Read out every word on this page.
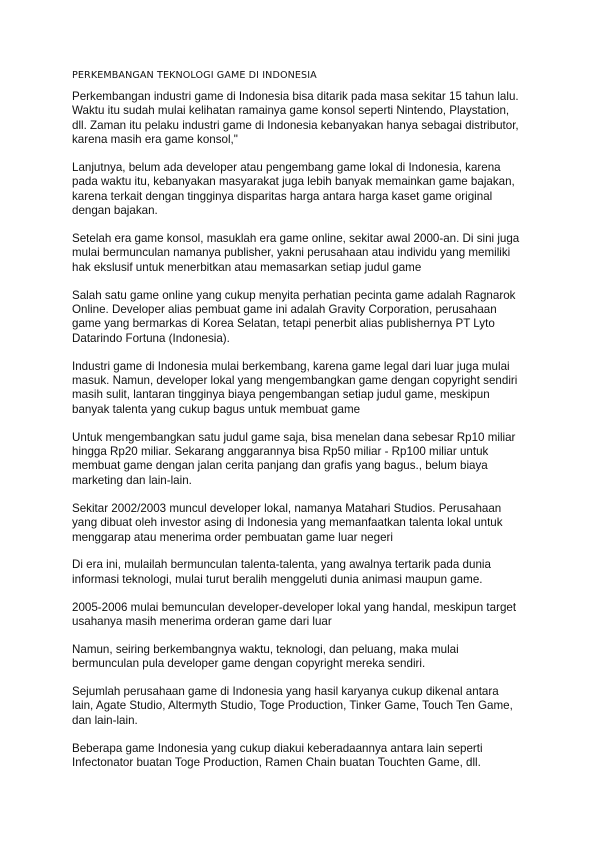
PERKEMBANGAN TEKNOLOGI GAME DI INDONESIA

Perkembangan industri game di Indonesia bisa ditarik pada masa sekitar 15 tahun lalu. Waktu itu sudah mulai kelihatan ramainya game konsol seperti Nintendo, Playstation, dll. Zaman itu pelaku industri game di Indonesia kebanyakan hanya sebagai distributor, karena masih era game konsol,"

Lanjutnya, belum ada developer atau pengembang game lokal di Indonesia, karena pada waktu itu, kebanyakan masyarakat juga lebih banyak memainkan game bajakan, karena terkait dengan tingginya disparitas harga antara harga kaset game original dengan bajakan.

Setelah era game konsol, masuklah era game online, sekitar awal 2000-an. Di sini juga mulai bermunculan namanya publisher, yakni perusahaan atau individu yang memiliki hak ekslusif untuk menerbitkan atau memasarkan setiap judul game

Salah satu game online yang cukup menyita perhatian pecinta game adalah Ragnarok Online. Developer alias pembuat game ini adalah Gravity Corporation, perusahaan game yang bermarkas di Korea Selatan, tetapi penerbit alias publishernya PT Lyto Datarindo Fortuna (Indonesia).

Industri game di Indonesia mulai berkembang, karena game legal dari luar juga mulai masuk. Namun, developer lokal yang mengembangkan game dengan copyright sendiri masih sulit, lantaran tingginya biaya pengembangan setiap judul game, meskipun banyak talenta yang cukup bagus untuk membuat game

Untuk mengembangkan satu judul game saja, bisa menelan dana sebesar Rp10 miliar hingga Rp20 miliar. Sekarang anggarannya bisa Rp50 miliar - Rp100 miliar untuk membuat game dengan jalan cerita panjang dan grafis yang bagus., belum biaya marketing dan lain-lain.

Sekitar 2002/2003 muncul developer lokal, namanya Matahari Studios. Perusahaan yang dibuat oleh investor asing di Indonesia yang memanfaatkan talenta lokal untuk menggarap atau menerima order pembuatan game luar negeri

Di era ini, mulailah bermunculan talenta-talenta, yang awalnya tertarik pada dunia informasi teknologi, mulai turut beralih menggeluti dunia animasi maupun game.

2005-2006 mulai bemunculan developer-developer lokal yang handal, meskipun target usahanya masih menerima orderan game dari luar

Namun, seiring berkembangnya waktu, teknologi, dan peluang, maka mulai bermunculan pula developer game dengan copyright mereka sendiri.

Sejumlah perusahaan game di Indonesia yang hasil karyanya cukup dikenal antara lain, Agate Studio, Altermyth Studio, Toge Production, Tinker Game, Touch Ten Game, dan lain-lain.

Beberapa game Indonesia yang cukup diakui keberadaannya antara lain seperti Infectonator buatan Toge Production, Ramen Chain buatan Touchten Game, dll.
